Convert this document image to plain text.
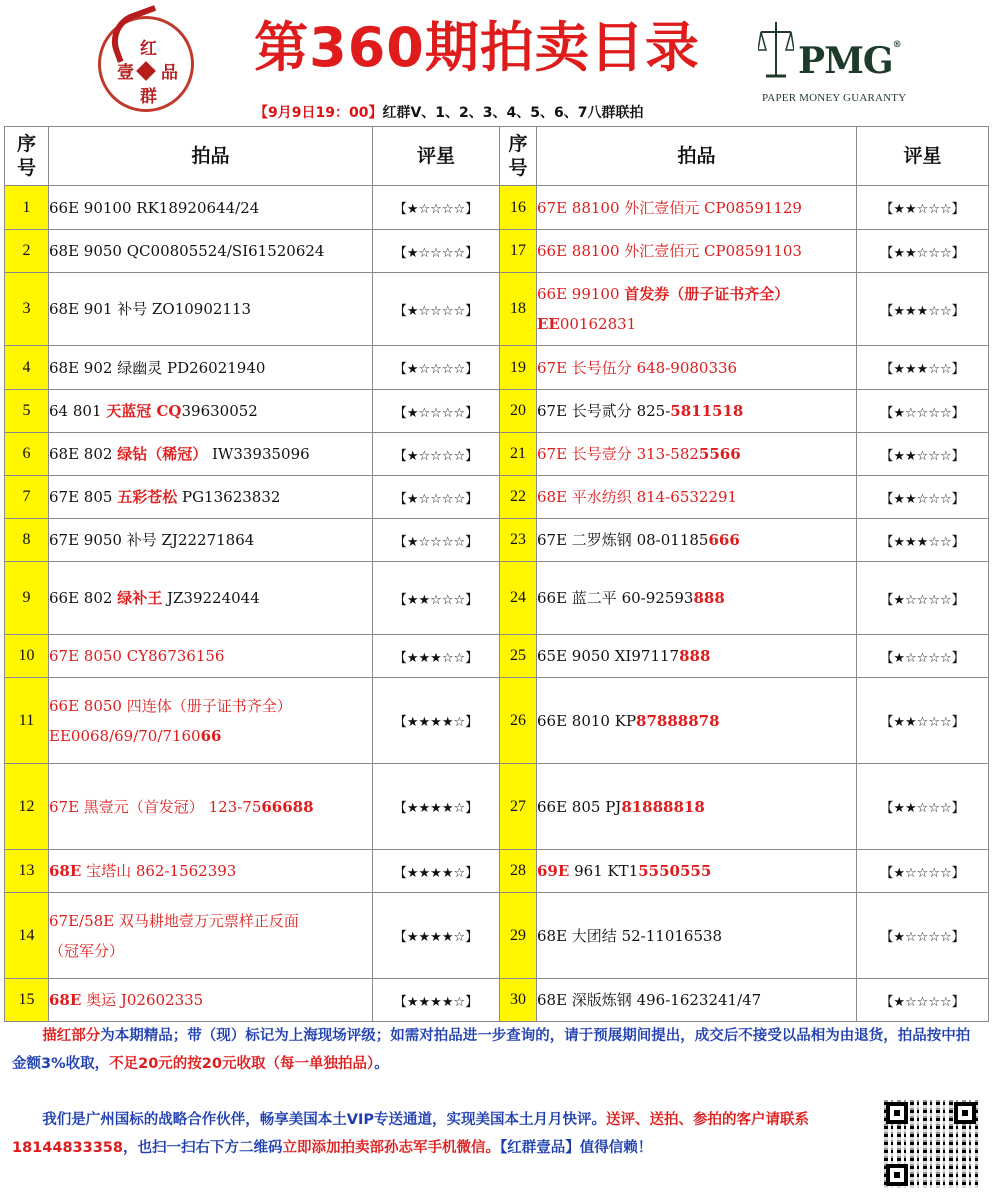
红
壹 品
群
第360期拍卖目录	PMG®
PAPER MONEY GUARANTY
【9月9日19：00】红群V、1、2、3、4、5、6、7八群联拍
序
号	拍品	评星	序
号	拍品	评星
1	66E 90100 RK18920644/24	【★☆☆☆☆】	16	67E 88100 外汇壹佰元 CP08591129	【★★☆☆☆】
2	68E 9050 QC00805524/SI61520624	【★☆☆☆☆】	17	66E 88100 外汇壹佰元 CP08591103	【★★☆☆☆】
3	68E 901 补号 ZO10902113	【★☆☆☆☆】	18	66E 99100 首发券（册子证书齐全）
EE00162831	【★★★☆☆】
4	68E 902 绿幽灵 PD26021940	【★☆☆☆☆】	19	67E 长号伍分 648-9080336	【★★★☆☆】
5	64 801 天蓝冠 CQ39630052	【★☆☆☆☆】	20	67E 长号贰分 825-5811518	【★☆☆☆☆】
6	68E 802 绿钻（稀冠） IW33935096	【★☆☆☆☆】	21	67E 长号壹分 313-5825566	【★★☆☆☆】
7	67E 805 五彩苍松 PG13623832	【★☆☆☆☆】	22	68E 平水纺织 814-6532291	【★★☆☆☆】
8	67E 9050 补号 ZJ22271864	【★☆☆☆☆】	23	67E 二罗炼钢 08-01185666	【★★★☆☆】
9	66E 802 绿补王 JZ39224044	【★★☆☆☆】	24	66E 蓝二平 60-92593888	【★☆☆☆☆】
10	67E 8050 CY86736156	【★★★☆☆】	25	65E 9050 XI97117888	【★☆☆☆☆】
11	66E 8050 四连体（册子证书齐全）
EE0068/69/70/716066	【★★★★☆】	26	66E 8010 KP87888878	【★★☆☆☆】
12	67E 黑壹元（首发冠） 123-7566688	【★★★★☆】	27	66E 805 PJ81888818	【★★☆☆☆】
13	68E 宝塔山 862-1562393	【★★★★☆】	28	69E 961 KT15550555	【★☆☆☆☆】
14	67E/58E 双马耕地壹万元票样正反面
（冠军分）	【★★★★☆】	29	68E 大团结 52-11016538	【★☆☆☆☆】
15	68E 奥运 J02602335	【★★★★☆】	30	68E 深版炼钢 496-1623241/47	【★☆☆☆☆】

描红部分为本期精品；带（现）标记为上海现场评级；如需对拍品进一步查询的，请于预展期间提出，成交后不接受以品相为由退货，拍品按中拍金额3%收取，不足20元的按20元收取（每一单独拍品）。

我们是广州国标的战略合作伙伴，畅享美国本土VIP专送通道，实现美国本土月月快评。送评、送拍、参拍的客户请联系18144833358，也扫一扫右下方二维码立即添加拍卖部孙志军手机微信。【红群壹品】值得信赖！
